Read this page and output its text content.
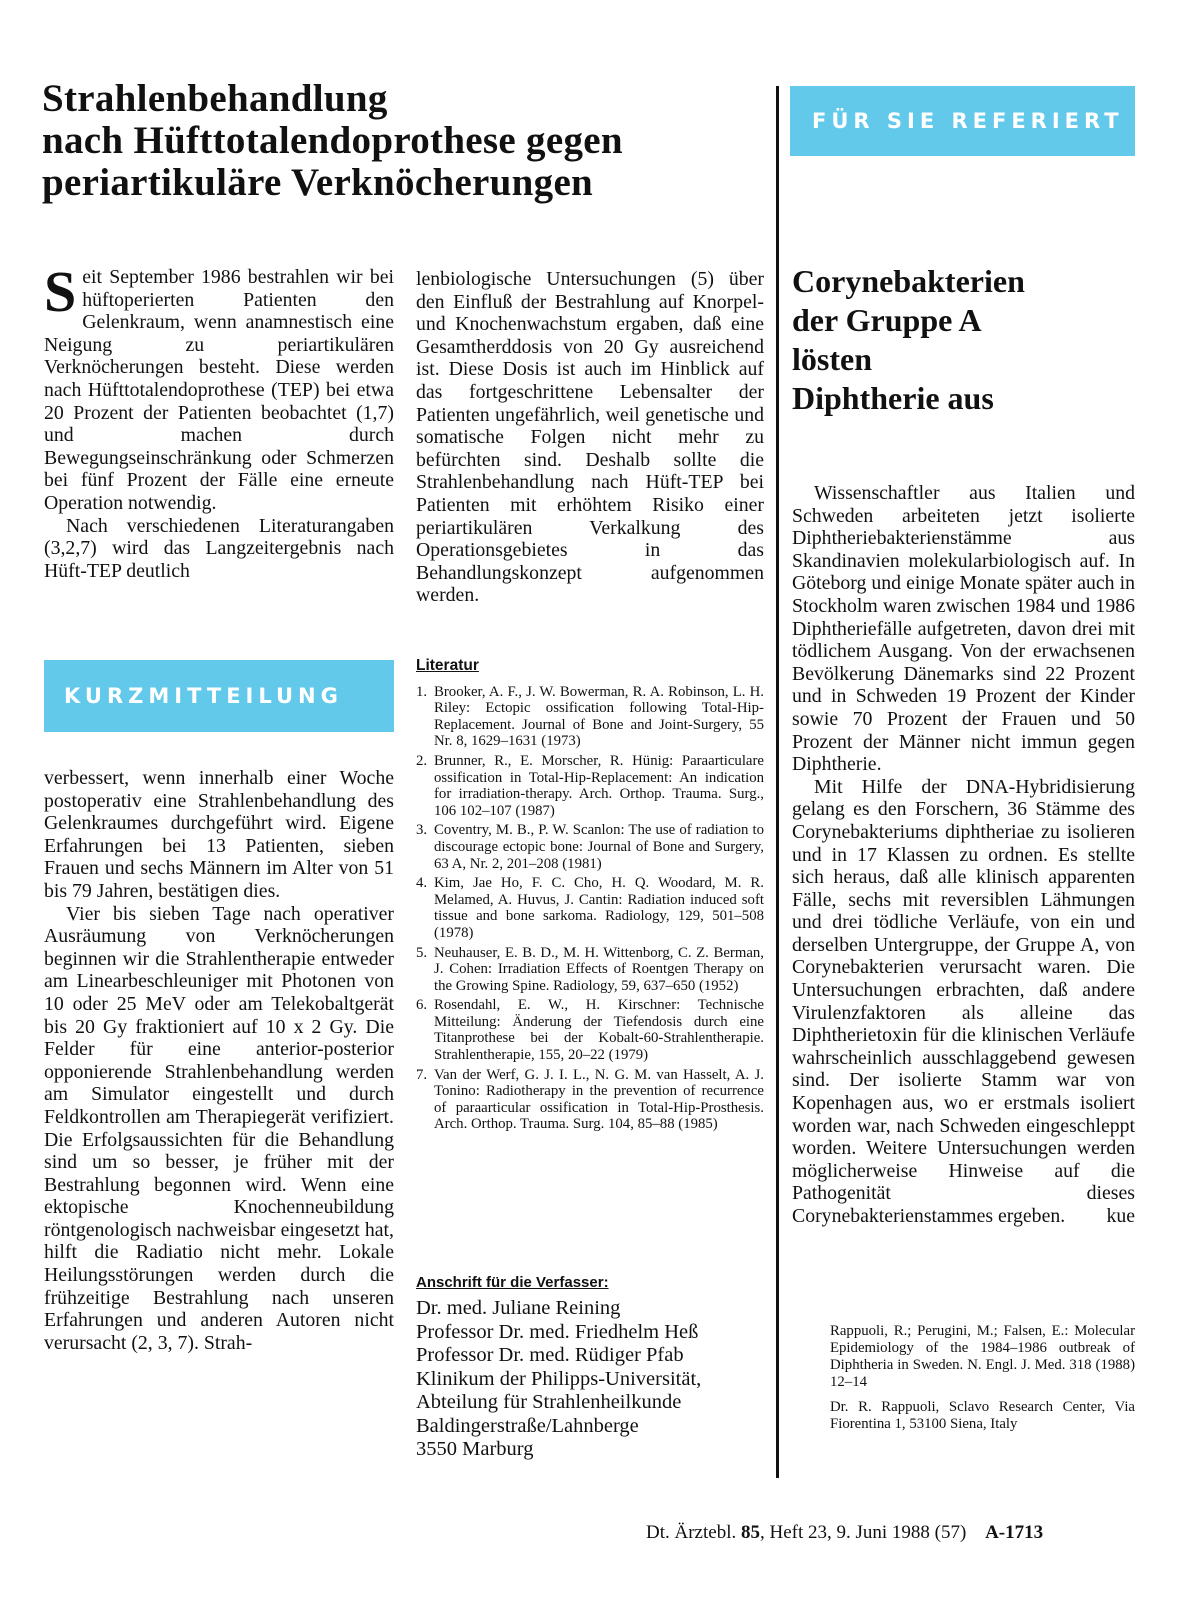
Strahlenbehandlung
nach Hüfttotalendoprothese gegen
periartikuläre Verknöcherungen
FÜR SIE REFERIERT

Seit September 1986 bestrahlen wir bei hüftoperierten Patienten den Gelenkraum, wenn anamnestisch eine Neigung zu periartikulären Verknöcherungen besteht. Diese werden nach Hüfttotalendoprothese (TEP) bei etwa 20 Prozent der Patienten beobachtet (1,7) und machen durch Bewegungseinschränkung oder Schmerzen bei fünf Prozent der Fälle eine erneute Operation notwendig.

Nach verschiedenen Literaturangaben (3,2,7) wird das Langzeitergebnis nach Hüft-TEP deutlich

KURZMITTEILUNG

verbessert, wenn innerhalb einer Woche postoperativ eine Strahlenbehandlung des Gelenkraumes durchgeführt wird. Eigene Erfahrungen bei 13 Patienten, sieben Frauen und sechs Männern im Alter von 51 bis 79 Jahren, bestätigen dies.

Vier bis sieben Tage nach operativer Ausräumung von Verknöcherungen beginnen wir die Strahlentherapie entweder am Linearbeschleuniger mit Photonen von 10 oder 25 MeV oder am Telekobaltgerät bis 20 Gy fraktioniert auf 10 x 2 Gy. Die Felder für eine anterior-posterior opponierende Strahlenbehandlung werden am Simulator eingestellt und durch Feldkontrollen am Therapiegerät verifiziert. Die Erfolgsaussichten für die Behandlung sind um so besser, je früher mit der Bestrahlung begonnen wird. Wenn eine ektopische Knochenneubildung röntgenologisch nachweisbar eingesetzt hat, hilft die Radiatio nicht mehr. Lokale Heilungsstörungen werden durch die frühzeitige Bestrahlung nach unseren Erfahrungen und anderen Autoren nicht verursacht (2, 3, 7). Strah-

lenbiologische Untersuchungen (5) über den Einfluß der Bestrahlung auf Knorpel- und Knochenwachstum ergaben, daß eine Gesamtherddosis von 20 Gy ausreichend ist. Diese Dosis ist auch im Hinblick auf das fortgeschrittene Lebensalter der Patienten ungefährlich, weil genetische und somatische Folgen nicht mehr zu befürchten sind. Deshalb sollte die Strahlenbehandlung nach Hüft-TEP bei Patienten mit erhöhtem Risiko einer periartikulären Verkalkung des Operationsgebietes in das Behandlungskonzept aufgenommen werden.

Literatur
1. Brooker, A. F., J. W. Bowerman, R. A. Robinson, L. H. Riley: Ectopic ossification following Total-Hip-Replacement. Journal of Bone and Joint-Surgery, 55 Nr. 8, 1629–1631 (1973)
2. Brunner, R., E. Morscher, R. Hünig: Paraarticulare ossification in Total-Hip-Replacement: An indication for irradiation-therapy. Arch. Orthop. Trauma. Surg., 106 102–107 (1987)
3. Coventry, M. B., P. W. Scanlon: The use of radiation to discourage ectopic bone: Journal of Bone and Surgery, 63 A, Nr. 2, 201–208 (1981)
4. Kim, Jae Ho, F. C. Cho, H. Q. Woodard, M. R. Melamed, A. Huvus, J. Cantin: Radiation induced soft tissue and bone sarkoma. Radiology, 129, 501–508 (1978)
5. Neuhauser, E. B. D., M. H. Wittenborg, C. Z. Berman, J. Cohen: Irradiation Effects of Roentgen Therapy on the Growing Spine. Radiology, 59, 637–650 (1952)
6. Rosendahl, E. W., H. Kirschner: Technische Mitteilung: Änderung der Tiefendosis durch eine Titanprothese bei der Kobalt-60-Strahlentherapie. Strahlentherapie, 155, 20–22 (1979)
7. Van der Werf, G. J. I. L., N. G. M. van Hasselt, A. J. Tonino: Radiotherapy in the prevention of recurrence of paraarticular ossification in Total-Hip-Prosthesis. Arch. Orthop. Trauma. Surg. 104, 85–88 (1985)
Anschrift für die Verfasser:
Dr. med. Juliane Reining
Professor Dr. med. Friedhelm Heß
Professor Dr. med. Rüdiger Pfab
Klinikum der Philipps-Universität,
Abteilung für Strahlenheilkunde
Baldingerstraße/Lahnberge
3550 Marburg
Corynebakterien
der Gruppe A
lösten
Diphtherie aus

Wissenschaftler aus Italien und Schweden arbeiteten jetzt isolierte Diphtheriebakterienstämme aus Skandinavien molekularbiologisch auf. In Göteborg und einige Monate später auch in Stockholm waren zwischen 1984 und 1986 Diphtheriefälle aufgetreten, davon drei mit tödlichem Ausgang. Von der erwachsenen Bevölkerung Dänemarks sind 22 Prozent und in Schweden 19 Prozent der Kinder sowie 70 Prozent der Frauen und 50 Prozent der Männer nicht immun gegen Diphtherie.

Mit Hilfe der DNA-Hybridisierung gelang es den Forschern, 36 Stämme des Corynebakteriums diphtheriae zu isolieren und in 17 Klassen zu ordnen. Es stellte sich heraus, daß alle klinisch apparenten Fälle, sechs mit reversiblen Lähmungen und drei tödliche Verläufe, von ein und derselben Untergruppe, der Gruppe A, von Corynebakterien verursacht waren. Die Untersuchungen erbrachten, daß andere Virulenzfaktoren als alleine das Diphtherietoxin für die klinischen Verläufe wahrscheinlich ausschlaggebend gewesen sind. Der isolierte Stamm war von Kopenhagen aus, wo er erstmals isoliert worden war, nach Schweden eingeschleppt worden. Weitere Untersuchungen werden möglicherweise Hinweise auf die Pathogenität dieses Corynebakterienstammes ergeben.	kue

Rappuoli, R.; Perugini, M.; Falsen, E.: Molecular Epidemiology of the 1984–1986 outbreak of Diphtheria in Sweden. N. Engl. J. Med. 318 (1988) 12–14

Dr. R. Rappuoli, Sclavo Research Center, Via Fiorentina 1, 53100 Siena, Italy

Dt. Ärztebl. 85, Heft 23, 9. Juni 1988 (57) A-1713
